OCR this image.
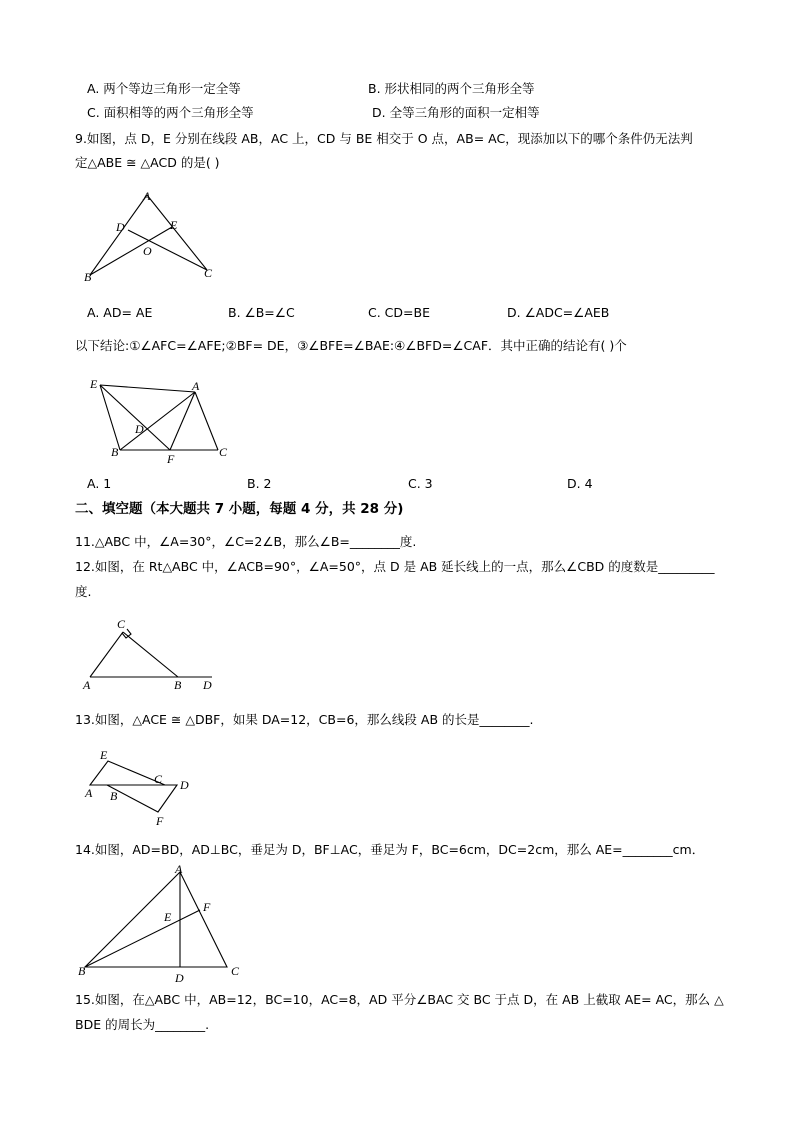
A. 两个等边三角形一定全等	B. 形状相同的两个三角形全等
C. 面积相等的两个三角形全等	D. 全等三角形的面积一定相等
9.如图，点 D，E 分别在线段 AB，AC 上，CD 与 BE 相交于 O 点，AB= AC，现添加以下的哪个条件仍无法判
定△ABE ≅ △ACD 的是( )
A
D	E
O
B	C
A. AD= AE	B. ∠B=∠C	C. CD=BE	D. ∠ADC=∠AEB
以下结论:①∠AFC=∠AFE;②BF= DE，③∠BFE=∠BAE:④∠BFD=∠CAF．其中正确的结论有( )个
E	A
D
B	F	C
A. 1	B. 2	C. 3	D. 4
二、填空题（本大题共 7 小题，每题 4 分，共 28 分)
11.△ABC 中，∠A=30°，∠C=2∠B，那么∠B=________度.
12.如图，在 Rt△ABC 中，∠ACB=90°，∠A=50°，点 D 是 AB 延长线上的一点，那么∠CBD 的度数是_________
度.
C
A	B D
13.如图，△ACE ≅ △DBF，如果 DA=12，CB=6，那么线段 AB 的长是________.
E
C D
A B
F
14.如图，AD=BD，AD⊥BC，垂足为 D，BF⊥AC，垂足为 F，BC=6cm，DC=2cm，那么 AE=________cm．
A
E
F
B	D	C
15.如图，在△ABC 中，AB=12，BC=10，AC=8，AD 平分∠BAC 交 BC 于点 D，在 AB 上截取 AE= AC，那么 △
BDE 的周长为________.
